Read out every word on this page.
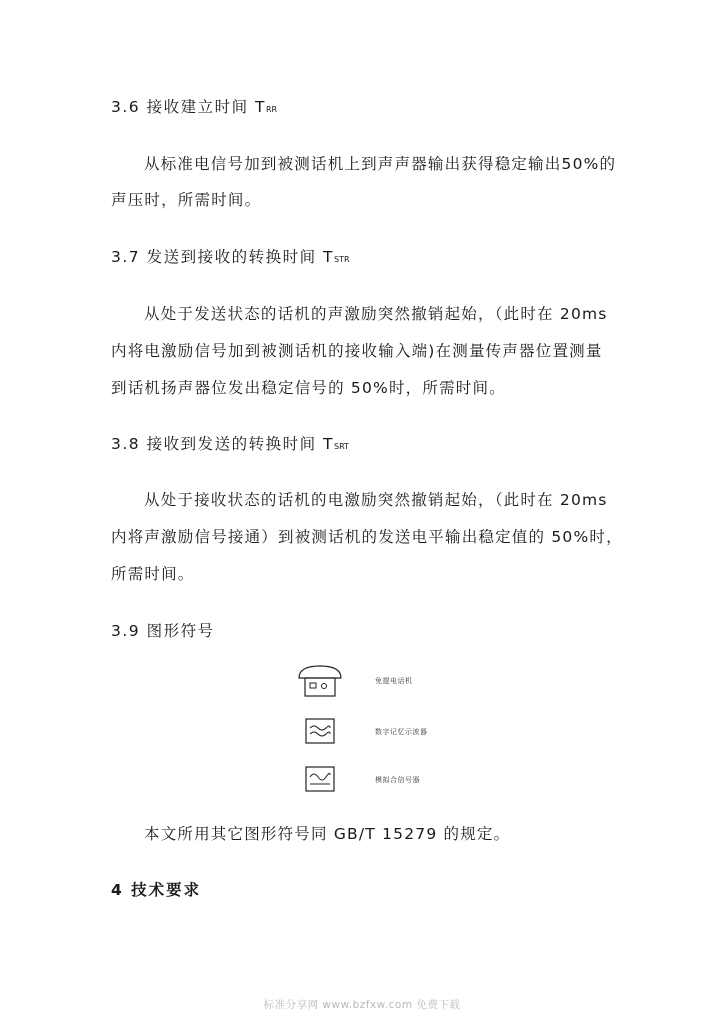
3.6 接收建立时间 TRR
从标准电信号加到被测话机上到声声器输出获得稳定输出50%的
声压时，所需时间。
3.7 发送到接收的转换时间 TSTR
从处于发送状态的话机的声激励突然撤销起始，（此时在 20ms
内将电激励信号加到被测话机的接收输入端)在测量传声器位置测量
到话机扬声器位发出稳定信号的 50%时，所需时间。
3.8 接收到发送的转换时间 TSRT
从处于接收状态的话机的电激励突然撤销起始，（此时在 20ms
内将声激励信号接通）到被测话机的发送电平输出稳定值的 50%时，
所需时间。
3.9 图形符号
免提电话机
数字记忆示波器
模拟合信号器
本文所用其它图形符号同 GB/T 15279 的规定。
4 技术要求
标准分享网 www.bzfxw.com 免费下载
